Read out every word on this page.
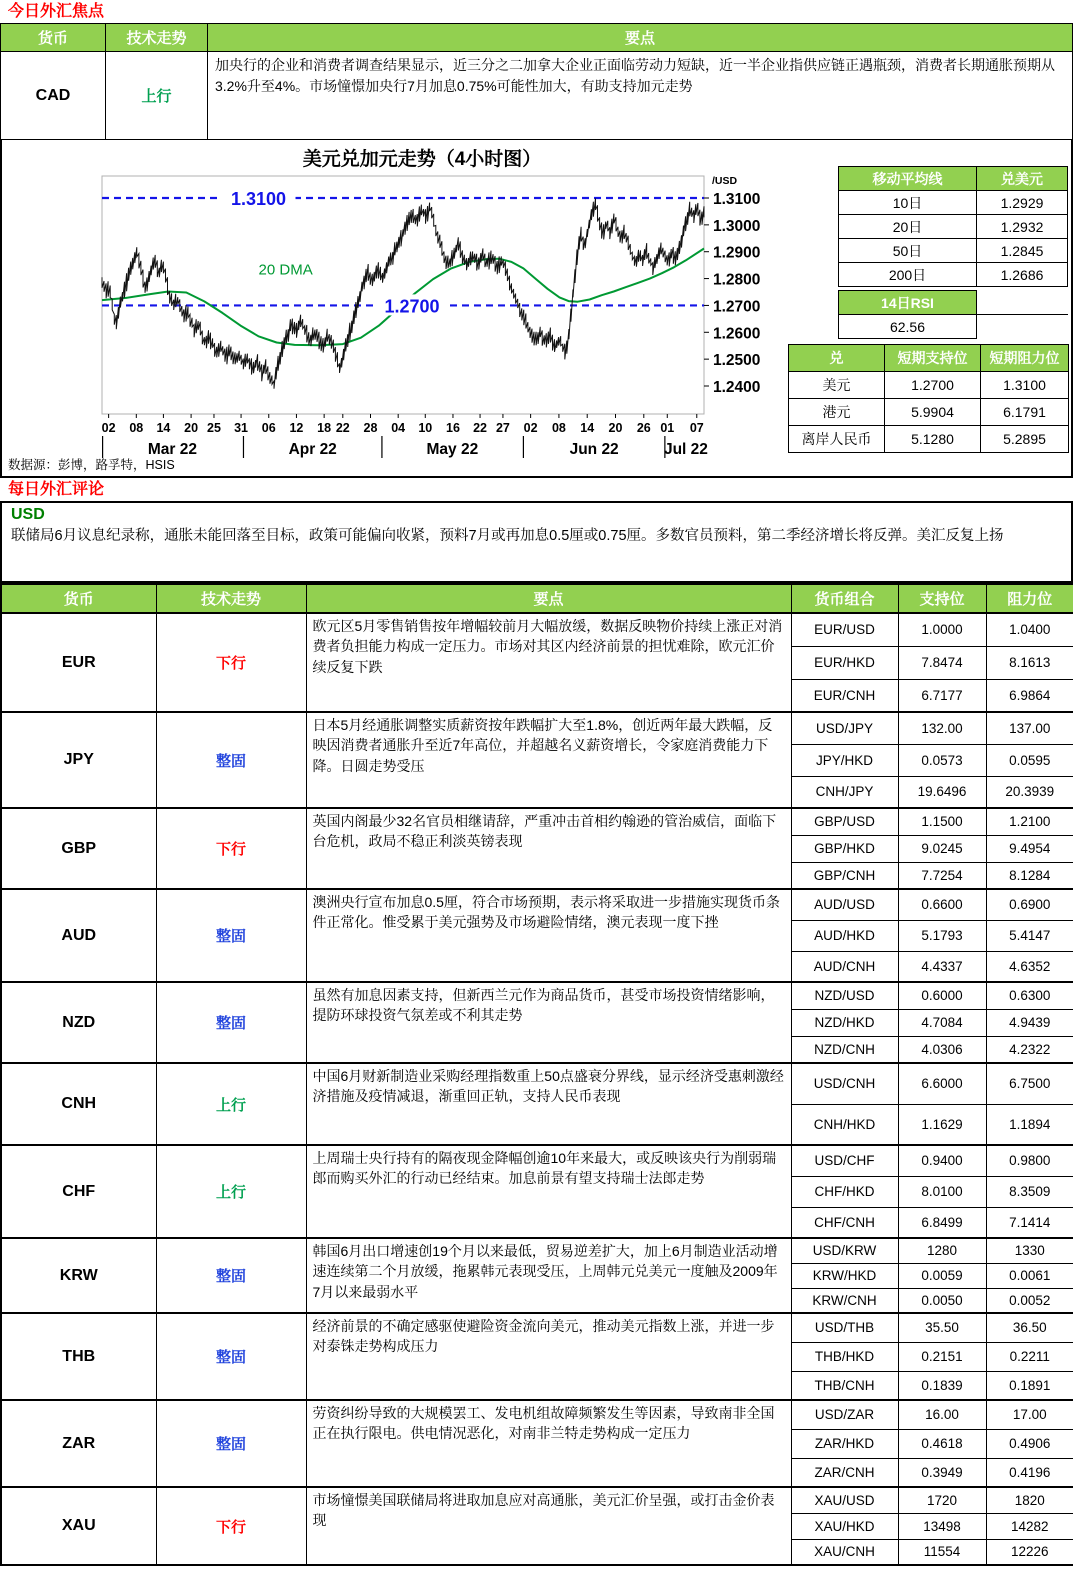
今日外汇焦点
货币	技术走势	要点
CAD	上行	加央行的企业和消费者调查结果显示，近三分之二加拿大企业正面临劳动力短缺，近一半企业指供应链正遇瓶颈，消费者长期通胀预期从3.2%升至4%。市场憧憬加央行7月加息0.75%可能性加大，有助支持加元走势
美元兑加元走势（4小时图）
1.3100
1.2700
20 DMA
/USD
1.3100
1.3000
1.2900
1.2800
1.2700
1.2600
1.2500
1.2400
02 08 14 20 25 31 06 12 18 22 28 04 10 16 22 27 02 08 14 20 26 01 07
Mar 22	Apr 22	May 22	Jun 22	Jul 22
移动平均线	兑美元
10日	1.2929
20日	1.2932
50日	1.2845
200日	1.2686
14日RSI	
62.56	
兑	短期支持位	短期阻力位
美元	1.2700	1.3100
港元	5.9904	6.1791
离岸人民币	5.1280	5.2895
数据源：彭博，路孚特，HSIS
每日外汇评论
USD
联储局6月议息纪录称，通胀未能回落至目标，政策可能偏向收紧，预料7月或再加息0.5厘或0.75厘。多数官员预料，第二季经济增长将反弹。美汇反复上扬
货币	技术走势	要点	货币组合	支持位	阻力位
EUR	下行	欧元区5月零售销售按年增幅较前月大幅放缓，数据反映物价持续上涨正对消费者负担能力构成一定压力。市场对其区内经济前景的担忧难除，欧元汇价续反复下跌	EUR/USD	1.0000	1.0400
			EUR/HKD	7.8474	8.1613
			EUR/CNH	6.7177	6.9864
JPY	整固	日本5月经通胀调整实质薪资按年跌幅扩大至1.8%，创近两年最大跌幅，反映因消费者通胀升至近7年高位，并超越名义薪资增长，令家庭消费能力下降。日圆走势受压	USD/JPY	132.00	137.00
			JPY/HKD	0.0573	0.0595
			CNH/JPY	19.6496	20.3939
GBP	下行	英国内阁最少32名官员相继请辞，严重冲击首相约翰逊的管治威信，面临下台危机，政局不稳正利淡英镑表现	GBP/USD	1.1500	1.2100
			GBP/HKD	9.0245	9.4954
			GBP/CNH	7.7254	8.1284
AUD	整固	澳洲央行宣布加息0.5厘，符合市场预期，表示将采取进一步措施实现货币条件正常化。惟受累于美元强势及市场避险情绪，澳元表现一度下挫	AUD/USD	0.6600	0.6900
			AUD/HKD	5.1793	5.4147
			AUD/CNH	4.4337	4.6352
NZD	整固	虽然有加息因素支持，但新西兰元作为商品货币，甚受市场投资情绪影响，提防环球投资气氛差或不利其走势	NZD/USD	0.6000	0.6300
			NZD/HKD	4.7084	4.9439
			NZD/CNH	4.0306	4.2322
CNH	上行	中国6月财新制造业采购经理指数重上50点盛衰分界线，显示经济受惠刺激经济措施及疫情减退，渐重回正轨，支持人民币表现	USD/CNH	6.6000	6.7500
			CNH/HKD	1.1629	1.1894
CHF	上行	上周瑞士央行持有的隔夜现金降幅创逾10年来最大，或反映该央行为削弱瑞郎而购买外汇的行动已经结束。加息前景有望支持瑞士法郎走势	USD/CHF	0.9400	0.9800
			CHF/HKD	8.0100	8.3509
			CHF/CNH	6.8499	7.1414
KRW	整固	韩国6月出口增速创19个月以来最低，贸易逆差扩大，加上6月制造业活动增速连续第二个月放缓，拖累韩元表现受压，上周韩元兑美元一度触及2009年7月以来最弱水平	USD/KRW	1280	1330
			KRW/HKD	0.0059	0.0061
			KRW/CNH	0.0050	0.0052
THB	整固	经济前景的不确定感驱使避险资金流向美元，推动美元指数上涨，并进一步对泰铢走势构成压力	USD/THB	35.50	36.50
			THB/HKD	0.2151	0.2211
			THB/CNH	0.1839	0.1891
ZAR	整固	劳资纠纷导致的大规模罢工、发电机组故障频繁发生等因素，导致南非全国正在执行限电。供电情况恶化，对南非兰特走势构成一定压力	USD/ZAR	16.00	17.00
			ZAR/HKD	0.4618	0.4906
			ZAR/CNH	0.3949	0.4196
XAU	下行	市场憧憬美国联储局将进取加息应对高通胀，美元汇价呈强，或打击金价表现	XAU/USD	1720	1820
			XAU/HKD	13498	14282
			XAU/CNH	11554	12226
